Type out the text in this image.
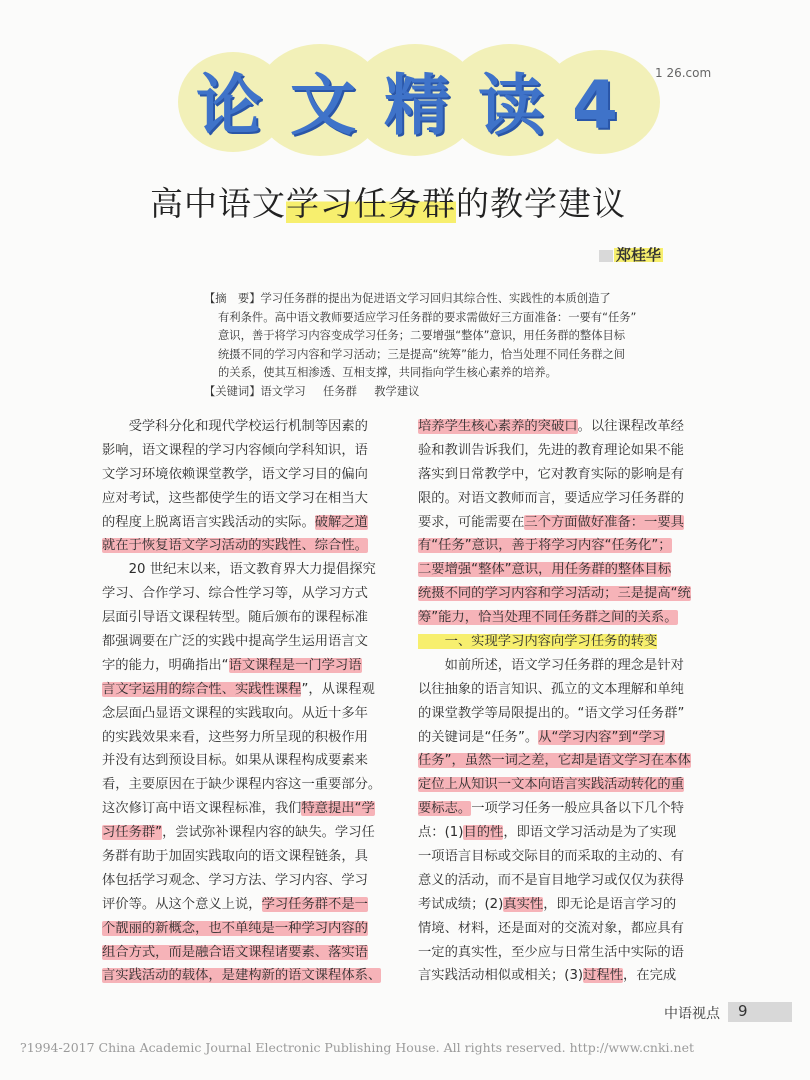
论文精读4 1 26.com
高中语文学习任务群的教学建议
郑桂华
【摘　要】学习任务群的提出为促进语文学习回归其综合性、实践性的本质创造了
有利条件。高中语文教师要适应学习任务群的要求需做好三方面准备：一要有“任务”
意识，善于将学习内容变成学习任务；二要增强“整体”意识，用任务群的整体目标
统摄不同的学习内容和学习活动；三是提高“统筹”能力，恰当处理不同任务群之间
的关系，使其互相渗透、互相支撑，共同指向学生核心素养的培养。
【关键词】语文学习　 任务群　 教学建议
　　受学科分化和现代学校运行机制等因素的
影响，语文课程的学习内容倾向学科知识，语
文学习环境依赖课堂教学，语文学习目的偏向
应对考试，这些都使学生的语文学习在相当大
的程度上脱离语言实践活动的实际。破解之道
就在于恢复语文学习活动的实践性、综合性。
　　20 世纪末以来，语文教育界大力提倡探究
学习、合作学习、综合性学习等，从学习方式
层面引导语文课程转型。随后颁布的课程标准
都强调要在广泛的实践中提高学生运用语言文
字的能力，明确指出“语文课程是一门学习语
言文字运用的综合性、实践性课程”，从课程观
念层面凸显语文课程的实践取向。从近十多年
的实践效果来看，这些努力所呈现的积极作用
并没有达到预设目标。如果从课程构成要素来
看，主要原因在于缺少课程内容这一重要部分。
这次修订高中语文课程标准，我们特意提出“学
习任务群”，尝试弥补课程内容的缺失。学习任
务群有助于加固实践取向的语文课程链条，具
体包括学习观念、学习方法、学习内容、学习
评价等。从这个意义上说，学习任务群不是一
个靓丽的新概念，也不单纯是一种学习内容的
组合方式，而是融合语文课程诸要素、落实语
言实践活动的载体，是建构新的语文课程体系、
培养学生核心素养的突破口。以往课程改革经
验和教训告诉我们，先进的教育理论如果不能
落实到日常教学中，它对教育实际的影响是有
限的。对语文教师而言，要适应学习任务群的
要求，可能需要在三个方面做好准备：一要具
有“任务”意识，善于将学习内容“任务化”；
二要增强“整体”意识，用任务群的整体目标
统摄不同的学习内容和学习活动；三是提高“统
筹”能力，恰当处理不同任务群之间的关系。
　　一、实现学习内容向学习任务的转变
　　如前所述，语文学习任务群的理念是针对
以往抽象的语言知识、孤立的文本理解和单纯
的课堂教学等局限提出的。“语文学习任务群”
的关键词是“任务”。从“学习内容”到“学习
任务”，虽然一词之差，它却是语文学习在本体
定位上从知识一文本向语言实践活动转化的重
要标志。一项学习任务一般应具备以下几个特
点：(1)目的性，即语文学习活动是为了实现
一项语言目标或交际目的而采取的主动的、有
意义的活动，而不是盲目地学习或仅仅为获得
考试成绩；(2)真实性，即无论是语言学习的
情境、材料，还是面对的交流对象，都应具有
一定的真实性，至少应与日常生活中实际的语
言实践活动相似或相关；(3)过程性，在完成
中语视点 9
?1994-2017 China Academic Journal Electronic Publishing House. All rights reserved. http://www.cnki.net
